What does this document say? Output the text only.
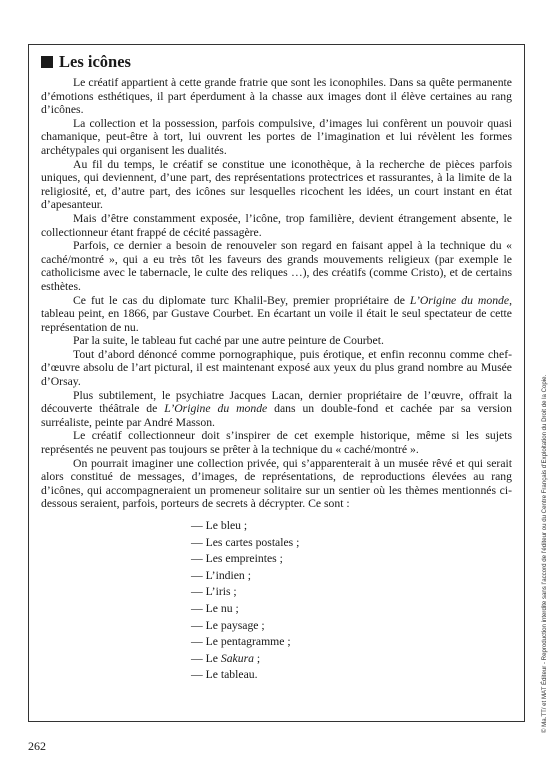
Les icônes

Le créatif appartient à cette grande fratrie que sont les iconophiles. Dans sa quête permanente d’émotions esthétiques, il part éperdument à la chasse aux images dont il élève certaines au rang d’icônes.

La collection et la possession, parfois compulsive, d’images lui confèrent un pouvoir quasi chamanique, peut-être à tort, lui ouvrent les portes de l’imagination et lui révèlent les formes archétypales qui organisent les dualités.

Au fil du temps, le créatif se constitue une iconothèque, à la recherche de pièces parfois uniques, qui deviennent, d’une part, des représentations protectrices et rassurantes, à la limite de la religiosité, et, d’autre part, des icônes sur lesquelles ricochent les idées, un court instant en état d’apesanteur.

Mais d’être constamment exposée, l’icône, trop familière, devient étrangement absente, le collectionneur étant frappé de cécité passagère.

Parfois, ce dernier a besoin de renouveler son regard en faisant appel à la technique du « caché/montré », qui a eu très tôt les faveurs des grands mouvements religieux (par exemple le catholicisme avec le tabernacle, le culte des reliques …), des créatifs (comme Cristo), et de certains esthètes.

Ce fut le cas du diplomate turc Khalil-Bey, premier propriétaire de L’Origine du monde, tableau peint, en 1866, par Gustave Courbet. En écartant un voile il était le seul spectateur de cette représentation de nu.

Par la suite, le tableau fut caché par une autre peinture de Courbet.

Tout d’abord dénoncé comme pornographique, puis érotique, et enfin reconnu comme chef-d’œuvre absolu de l’art pictural, il est maintenant exposé aux yeux du plus grand nombre au Musée d’Orsay.

Plus subtilement, le psychiatre Jacques Lacan, dernier propriétaire de l’œuvre, offrait la découverte théâtrale de L’Origine du monde dans un double-fond et cachée par sa version surréaliste, peinte par André Masson.

Le créatif collectionneur doit s’inspirer de cet exemple historique, même si les sujets représentés ne peuvent pas toujours se prêter à la technique du « caché/montré ».

On pourrait imaginer une collection privée, qui s’apparenterait à un musée rêvé et qui serait alors constitué de messages, d’images, de représentations, de reproductions élevées au rang d’icônes, qui accompagneraient un promeneur solitaire sur un sentier où les thèmes mentionnés ci-dessous seraient, parfois, porteurs de secrets à décrypter. Ce sont :

— Le bleu ;
— Les cartes postales ;
— Les empreintes ;
— L’indien ;
— L’iris ;
— Le nu ;
— Le paysage ;
— Le pentagramme ;
— Le Sakura ;
— Le tableau.	© Ma.TT/ et MAT Éditeur - Reproduction interdite sans l’accord de l’éditeur ou du Centre Français d’Exploitation du Droit de la Copie.
262
